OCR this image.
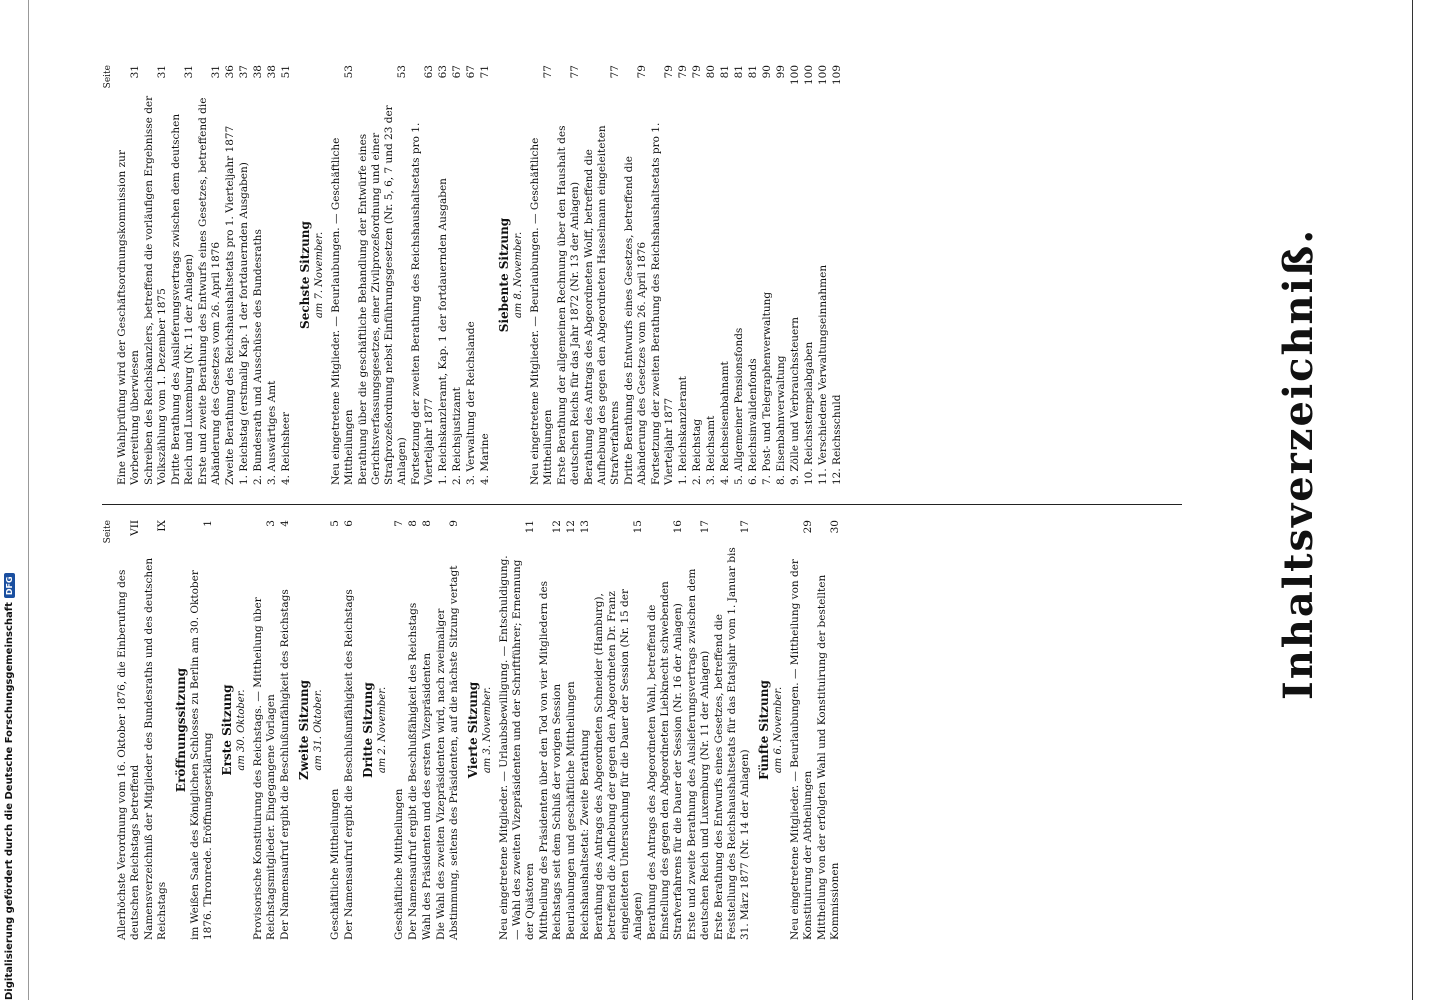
Inhaltsverzeichniß.
Seite
Allerhöchste Verordnung vom 16. Oktober 1876, die Einberufung des deutschen Reichstags betreffend
VII
Namensverzeichniß der Mitglieder des Bundesraths und des deutschen Reichstags
IX
Eröffnungssitzung im Weißen Saale des Königlichen Schlosses zu Berlin am 30. Oktober 1876. Thronrede. Eröffnungserklärung
1
Erste Sitzung am 30. Oktober. Provisorische Konstituirung des Reichstags. — Mittheilung über Reichstagsmitglieder. Eingegangene Vorlagen
3
Der Namensaufruf ergibt die Beschlußunfähigkeit des Reichstags
4
Zweite Sitzung am 31. Oktober.
Geschäftliche Mittheilungen
5
Der Namensaufruf ergibt die Beschlußunfähigkeit des Reichstags
6
Dritte Sitzung am 2. November.
Geschäftliche Mittheilungen
7
Der Namensaufruf ergibt die Beschlußfähigkeit des Reichstags
8
Wahl des Präsidenten und des ersten Vizepräsidenten
8
Die Wahl des zweiten Vizepräsidenten wird, nach zweimaliger Abstimmung, seitens des Präsidenten, auf die nächste Sitzung vertagt
9
Vierte Sitzung am 3. November. Neu eingetretene Mitglieder. — Urlaubsbewilligung. — Entschuldigung. — Wahl des zweiten Vizepräsidenten und der Schriftführer; Ernennung der Quästoren
11
Mittheilung des Präsidenten über den Tod von vier Mitgliedern des Reichstags seit dem Schluß der vorigen Session
12
Beurlaubungen und geschäftliche Mittheilungen
12
Reichshaushaltsetat: Zweite Berathung
13
Berathung des Antrags des Abgeordneten Schneider (Hamburg), betreffend die Aufhebung der gegen den Abgeordneten Dr. Franz eingeleiteten Untersuchung für die Dauer der Session (Nr. 15 der Anlagen)
15
Berathung des Antrags des Abgeordneten Wahl, betreffend die Einstellung des gegen den Abgeordneten Liebknecht schwebenden Strafverfahrens für die Dauer der Session (Nr. 16 der Anlagen)
16
Erste und zweite Berathung des Auslieferungsvertrags zwischen dem deutschen Reich und Luxemburg (Nr. 11 der Anlagen)
17
Erste Berathung des Entwurfs eines Gesetzes, betreffend die Feststellung des Reichshaushaltsetats für das Etatsjahr vom 1. Januar bis 31. März 1877 (Nr. 14 der Anlagen)
17
Fünfte Sitzung am 6. November. Neu eingetretene Mitglieder. — Beurlaubungen. — Mittheilung von der Konstituirung der Abtheilungen
29
Mittheilung von der erfolgten Wahl und Konstituirung der bestellten Kommissionen
30
Seite
Eine Wahlprüfung wird der Geschäftsordnungskommission zur Vorbereitung überwiesen
31
Schreiben des Reichskanzlers, betreffend die vorläufigen Ergebnisse der Volkszählung vom 1. Dezember 1875
31
Dritte Berathung des Auslieferungsvertrags zwischen dem deutschen Reich und Luxemburg (Nr. 11 der Anlagen)
31
Erste und zweite Berathung des Entwurfs eines Gesetzes, betreffend die Abänderung des Gesetzes vom 26. April 1876
31
Zweite Berathung des Reichshaushaltsetats pro 1. Vierteljahr 1877
36
1. Reichstag (erstmalig Kap. 1 der fortdauernden Ausgaben)
37
2. Bundesrath und Ausschüsse des Bundesraths
38
3. Auswärtiges Amt
38
4. Reichsheer
51
Sechste Sitzung am 7. November. Neu eingetretene Mitglieder. — Beurlaubungen. — Geschäftliche Mittheilungen
53
Berathung über die geschäftliche Behandlung der Entwürfe eines Gerichtsverfassungsgesetzes, einer Zivilprozeßordnung und einer Strafprozeßordnung nebst Einführungsgesetzen (Nr. 5, 6, 7 und 23 der Anlagen)
53
Fortsetzung der zweiten Berathung des Reichshaushaltsetats pro 1. Vierteljahr 1877
63
1. Reichskanzleramt, Kap. 1 der fortdauernden Ausgaben
63
2. Reichsjustizamt
67
3. Verwaltung der Reichslande
67
4. Marine
71
Siebente Sitzung am 8. November. Neu eingetretene Mitglieder. — Beurlaubungen. — Geschäftliche Mittheilungen
77
Erste Berathung der allgemeinen Rechnung über den Haushalt des deutschen Reichs für das Jahr 1872 (Nr. 13 der Anlagen)
77
Berathung des Antrags des Abgeordneten Wolff, betreffend die Aufhebung des gegen den Abgeordneten Hasselmann eingeleiteten Strafverfahrens
77
Dritte Berathung des Entwurfs eines Gesetzes, betreffend die Abänderung des Gesetzes vom 26. April 1876
79
Fortsetzung der zweiten Berathung des Reichshaushaltsetats pro 1. Vierteljahr 1877
79
1. Reichskanzleramt
79
2. Reichstag
79
3. Reichsamt
80
4. Reichseisenbahnamt
81
5. Allgemeiner Pensionsfonds
81
6. Reichsinvalidenfonds
81
7. Post- und Telegraphenverwaltung
90
8. Eisenbahnverwaltung
99
9. Zölle und Verbrauchssteuern
100
10. Reichsstempelabgaben
100
11. Verschiedene Verwaltungseinnahmen
100
12. Reichsschuld
109
Digitalisierung gefördert durch die Deutsche ForschungsgemeinschaftDFG
